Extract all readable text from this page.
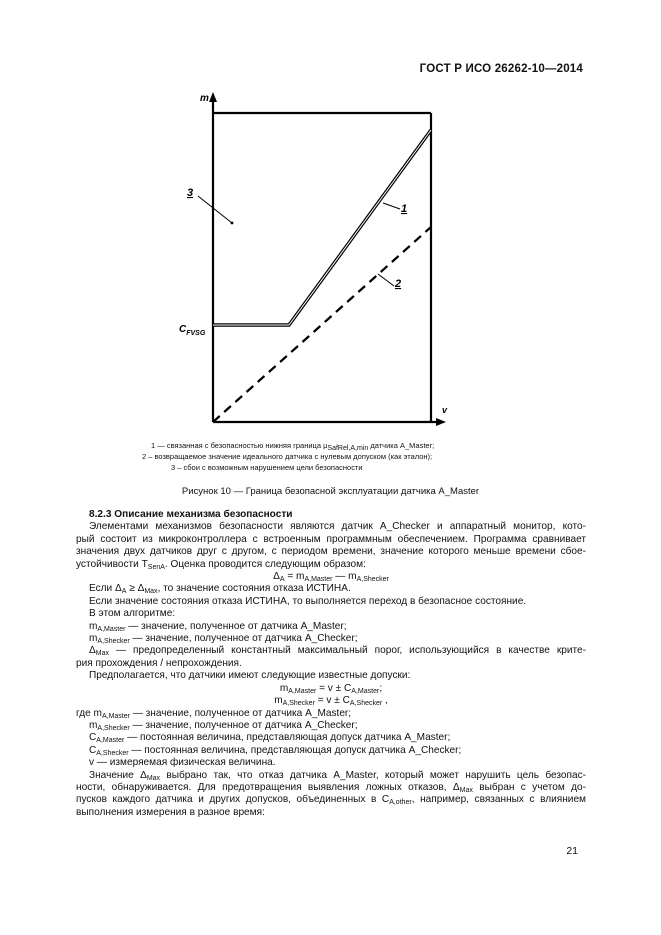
ГОСТ Р ИСО 26262-10—2014
m
v
$C_{FVSG}$
3
1
2
1 — связанная с безопасностью нижняя граница $\mu_{SafRel,A,min}$ датчика A_Master;
2 – возвращаемое значение идеального датчика с нулевым допуском (как эталон);
3 – сбои с возможным нарушением цели безопасности
Рисунок 10 — Граница безопасной эксплуатации датчика A_Master
8.2.3 Описание механизма безопасности
Элементами механизмов безопасности являются датчик A_Checker и аппаратный монитор, кото-
рый состоит из микроконтроллера с встроенным программным обеспечением. Программа сравнивает
значения двух датчиков друг с другом, с периодом времени, значение которого меньше времени сбое-
устойчивости $T_{SenA}$. Оценка проводится следующим образом:
$\Delta_A = m_{A,Master}$ — $m_{A,Shecker}$
Если $\Delta_A \ge \Delta_{Max}$, то значение состояния отказа ИСТИНА.
Если значение состояния отказа ИСТИНА, то выполняется переход в безопасное состояние.
В этом алгоритме:
$m_{A,Master}$ — значение, полученное от датчика A_Master;
$m_{A,Shecker}$ — значение, полученное от датчика A_Checker;
$\Delta_{Max}$ — предопределенный константный максимальный порог, использующийся в качестве крите-
рия прохождения / непрохождения.
Предполагается, что датчики имеют следующие известные допуски:
$m_{A,Master} = v \pm C_{A,Master}$;
$m_{A,Shecker} = v \pm C_{A,Shecker}$ ,
где $m_{A,Master}$ — значение, полученное от датчика A_Master;
$m_{A,Shecker}$ — значение, полученное от датчика A_Checker;
$C_{A,Master}$ — постоянная величина, представляющая допуск датчика A_Master;
$C_{A,Shecker}$ — постоянная величина, представляющая допуск датчика A_Checker;
v — измеряемая физическая величина.
Значение $\Delta_{Max}$ выбрано так, что отказ датчика A_Master, который может нарушить цель безопас-
ности, обнаруживается. Для предотвращения выявления ложных отказов, $\Delta_{Max}$ выбран с учетом до-
пусков каждого датчика и других допусков, объединенных в $C_{A,other}$, например, связанных с влиянием
выполнения измерения в разное время:
21
